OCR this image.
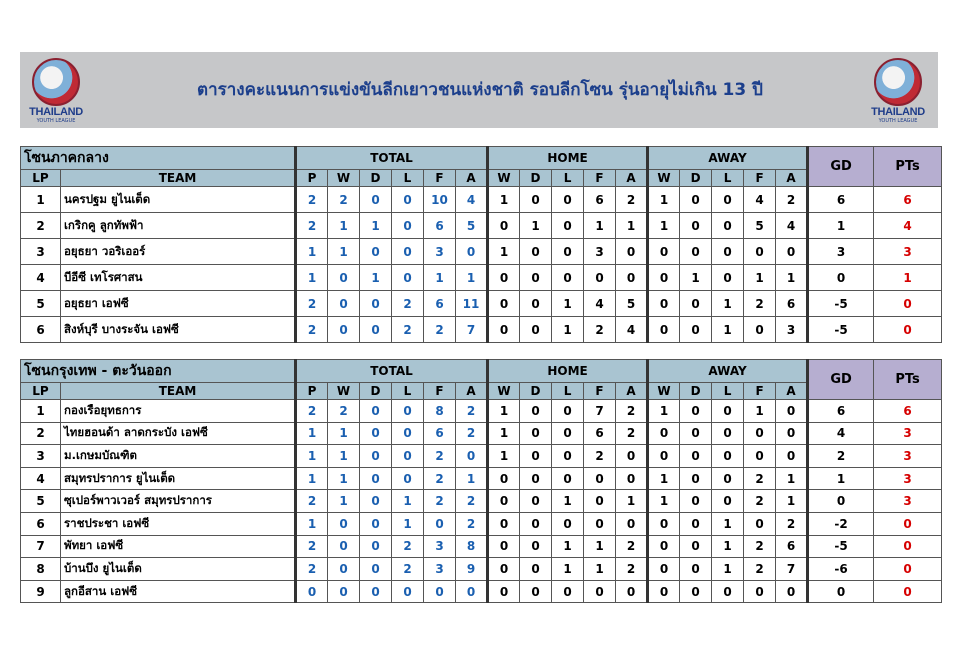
THAILAND
YOUTH LEAGUE
ตารางคะแนนการแข่งขันลีกเยาวชนแห่งชาติ รอบลีกโซน รุ่นอายุไม่เกิน 13 ปี
THAILAND
YOUTH LEAGUE
โซนภาคกลาง		TOTAL						HOME					AWAY					GD	PTs
LP	TEAM	P	W	D	L	F	A	W	D	L	F	A	W	D	L	F	A		
1	นครปฐม ยูไนเต็ด	2	2	0	0	10	4	1	0	0	6	2	1	0	0	4	2	6	6
2	เกริกคู ลูกทัพฟ้า	2	1	1	0	6	5	0	1	0	1	1	1	0	0	5	4	1	4
3	อยุธยา วอริเออร์	1	1	0	0	3	0	1	0	0	3	0	0	0	0	0	0	3	3
4	บีอีซี เทโรศาสน	1	0	1	0	1	1	0	0	0	0	0	0	1	0	1	1	0	1
5	อยุธยา เอฟซี	2	0	0	2	6	11	0	0	1	4	5	0	0	1	2	6	-5	0
6	สิงห์บุรี บางระจัน เอฟซี	2	0	0	2	2	7	0	0	1	2	4	0	0	1	0	3	-5	0
โซนกรุงเทพ - ตะวันออก		TOTAL						HOME					AWAY					GD	PTs
LP	TEAM	P	W	D	L	F	A	W	D	L	F	A	W	D	L	F	A		
1	กองเรือยุทธการ	2	2	0	0	8	2	1	0	0	7	2	1	0	0	1	0	6	6
2	ไทยฮอนด้า ลาดกระบัง เอฟซี	1	1	0	0	6	2	1	0	0	6	2	0	0	0	0	0	4	3
3	ม.เกษมบัณฑิต	1	1	0	0	2	0	1	0	0	2	0	0	0	0	0	0	2	3
4	สมุทรปราการ ยูไนเต็ด	1	1	0	0	2	1	0	0	0	0	0	1	0	0	2	1	1	3
5	ซุเปอร์พาวเวอร์ สมุทรปราการ	2	1	0	1	2	2	0	0	1	0	1	1	0	0	2	1	0	3
6	ราชประชา เอฟซี	1	0	0	1	0	2	0	0	0	0	0	0	0	1	0	2	-2	0
7	พัทยา เอฟซี	2	0	0	2	3	8	0	0	1	1	2	0	0	1	2	6	-5	0
8	บ้านบึง ยูไนเต็ด	2	0	0	2	3	9	0	0	1	1	2	0	0	1	2	7	-6	0
9	ลูกอีสาน เอฟซี	0	0	0	0	0	0	0	0	0	0	0	0	0	0	0	0	0	0
